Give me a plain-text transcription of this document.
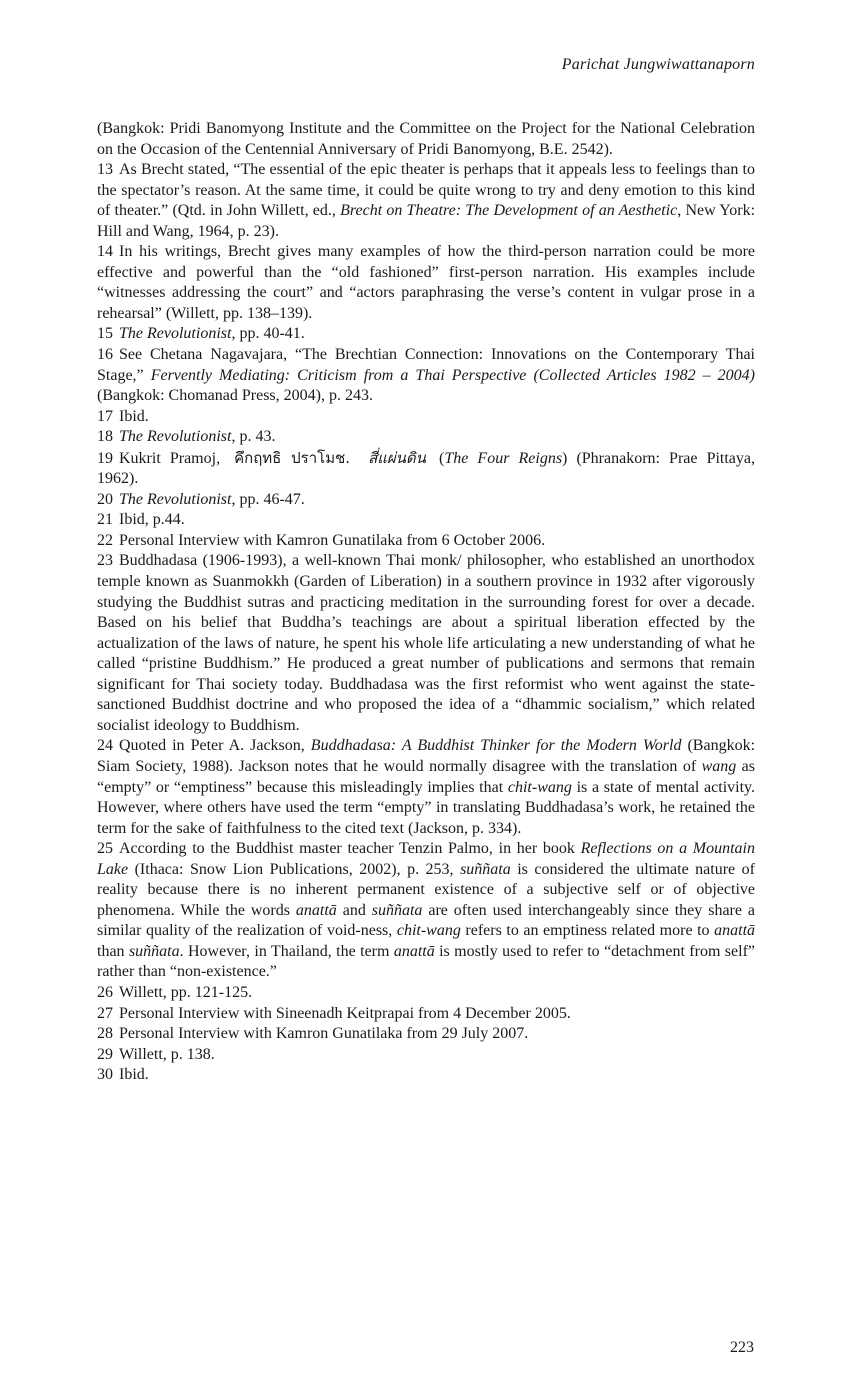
Parichat Jungwiwattanaporn

(Bangkok: Pridi Banomyong Institute and the Committee on the Project for the National Celebration on the Occasion of the Centennial Anniversary of Pridi Banomyong, B.E. 2542).

13 As Brecht stated, “The essential of the epic theater is perhaps that it appeals less to feelings than to the spectator’s reason. At the same time, it could be quite wrong to try and deny emotion to this kind of theater.” (Qtd. in John Willett, ed., Brecht on Theatre: The Development of an Aesthetic, New York: Hill and Wang, 1964, p. 23).

14 In his writings, Brecht gives many examples of how the third-person narration could be more effective and powerful than the “old fashioned” first-person narration. His examples include “witnesses addressing the court” and “actors paraphrasing the verse’s content in vulgar prose in a rehearsal” (Willett, pp. 138–139).

15 The Revolutionist, pp. 40-41.

16 See Chetana Nagavajara, “The Brechtian Connection: Innovations on the Contemporary Thai Stage,” Fervently Mediating: Criticism from a Thai Perspective (Collected Articles 1982 – 2004) (Bangkok: Chomanad Press, 2004), p. 243.

17 Ibid.

18 The Revolutionist, p. 43.

19 Kukrit Pramoj, คึกฤทธิ ปราโมช. สี่แผ่นดิน (The Four Reigns) (Phranakorn: Prae Pittaya, 1962).

20 The Revolutionist, pp. 46-47.

21 Ibid, p.44.

22 Personal Interview with Kamron Gunatilaka from 6 October 2006.

23 Buddhadasa (1906-1993), a well-known Thai monk/ philosopher, who established an unorthodox temple known as Suanmokkh (Garden of Liberation) in a southern province in 1932 after vigorously studying the Buddhist sutras and practicing meditation in the surrounding forest for over a decade. Based on his belief that Buddha’s teachings are about a spiritual liberation effected by the actualization of the laws of nature, he spent his whole life articulating a new understanding of what he called “pristine Buddhism.” He produced a great number of publications and sermons that remain significant for Thai society today. Buddhadasa was the first reformist who went against the state-sanctioned Buddhist doctrine and who proposed the idea of a “dhammic socialism,” which related socialist ideology to Buddhism.

24 Quoted in Peter A. Jackson, Buddhadasa: A Buddhist Thinker for the Modern World (Bangkok: Siam Society, 1988). Jackson notes that he would normally disagree with the translation of wang as “empty” or “emptiness” because this misleadingly implies that chit-wang is a state of mental activity. However, where others have used the term “empty” in translating Buddhadasa’s work, he retained the term for the sake of faithfulness to the cited text (Jackson, p. 334).

25 According to the Buddhist master teacher Tenzin Palmo, in her book Reflections on a Mountain Lake (Ithaca: Snow Lion Publications, 2002), p. 253, suññata is considered the ultimate nature of reality because there is no inherent permanent existence of a subjective self or of objective phenomena. While the words anattā and suññata are often used interchangeably since they share a similar quality of the realization of void-ness, chit-wang refers to an emptiness related more to anattā than suññata. However, in Thailand, the term anattā is mostly used to refer to “detachment from self” rather than “non-existence.”

26 Willett, pp. 121-125.

27 Personal Interview with Sineenadh Keitprapai from 4 December 2005.

28 Personal Interview with Kamron Gunatilaka from 29 July 2007.

29 Willett, p. 138.

30 Ibid.

223
